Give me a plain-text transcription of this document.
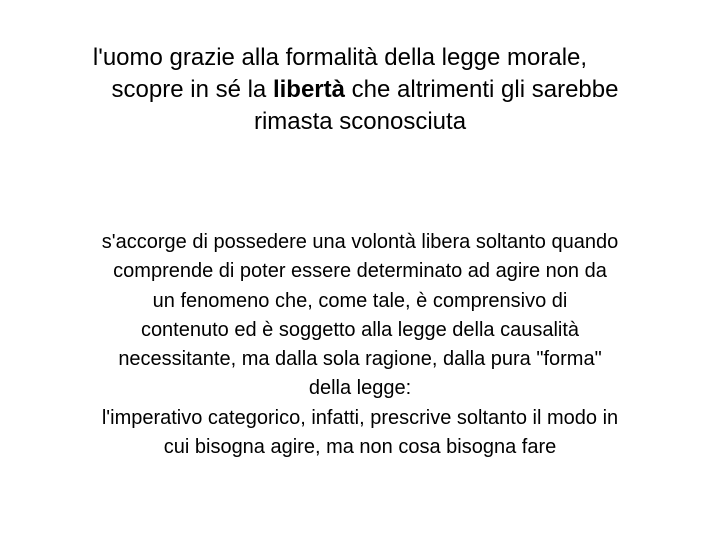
l'uomo grazie alla formalità della legge morale,
scopre in sé la libertà che altrimenti gli sarebbe
rimasta sconosciuta
s'accorge di possedere una volontà libera soltanto quando
comprende di poter essere determinato ad agire non da
un fenomeno che, come tale, è comprensivo di
contenuto ed è soggetto alla legge della causalità
necessitante, ma dalla sola ragione, dalla pura "forma"
della legge:
l'imperativo categorico, infatti, prescrive soltanto il modo in
cui bisogna agire, ma non cosa bisogna fare
